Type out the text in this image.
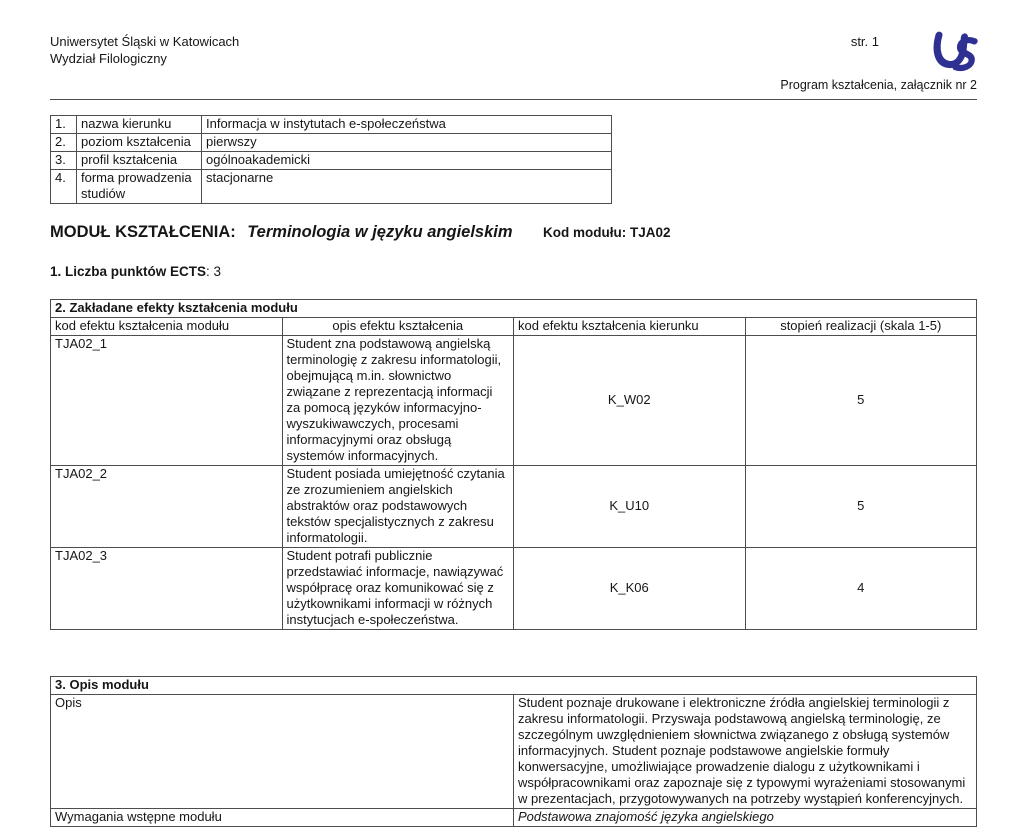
Uniwersytet Śląski w Katowicach
Wydział Filologiczny
str. 1
Program kształcenia, załącznik nr 2
1.	nazwa kierunku	Informacja w instytutach e-społeczeństwa
2.	poziom kształcenia	pierwszy
3.	profil kształcenia	ogólnoakademicki
4.	forma prowadzenia studiów	stacjonarne
MODUŁ KSZTAŁCENIA: Terminologia w języku angielskim Kod modułu: TJA02
1. Liczba punktów ECTS: 3
2. Zakładane efekty kształcenia modułu			
kod efektu kształcenia modułu	opis efektu kształcenia	kod efektu kształcenia kierunku	stopień realizacji (skala 1-5)
TJA02_1	Student zna podstawową angielską terminologię z zakresu informatologii, obejmującą m.in. słownictwo związane z reprezentacją informacji za pomocą języków informacyjno-wyszukiwawczych, procesami informacyjnymi oraz obsługą systemów informacyjnych.	K_W02	5
TJA02_2	Student posiada umiejętność czytania ze zrozumieniem angielskich abstraktów oraz podstawowych tekstów specjalistycznych z zakresu informatologii.	K_U10	5
TJA02_3	Student potrafi publicznie przedstawiać informacje, nawiązywać współpracę oraz komunikować się z użytkownikami informacji w różnych instytucjach e-społeczeństwa.	K_K06	4
3. Opis modułu	
Opis	Student poznaje drukowane i elektroniczne źródła angielskiej terminologii z zakresu informatologii. Przyswaja podstawową angielską terminologię, ze szczególnym uwzględnieniem słownictwa związanego z obsługą systemów informacyjnych. Student poznaje podstawowe angielskie formuły konwersacyjne, umożliwiające prowadzenie dialogu z użytkownikami i współpracownikami oraz zapoznaje się z typowymi wyrażeniami stosowanymi w prezentacjach, przygotowywanych na potrzeby wystąpień konferencyjnych.
Wymagania wstępne modułu	Podstawowa znajomość języka angielskiego
